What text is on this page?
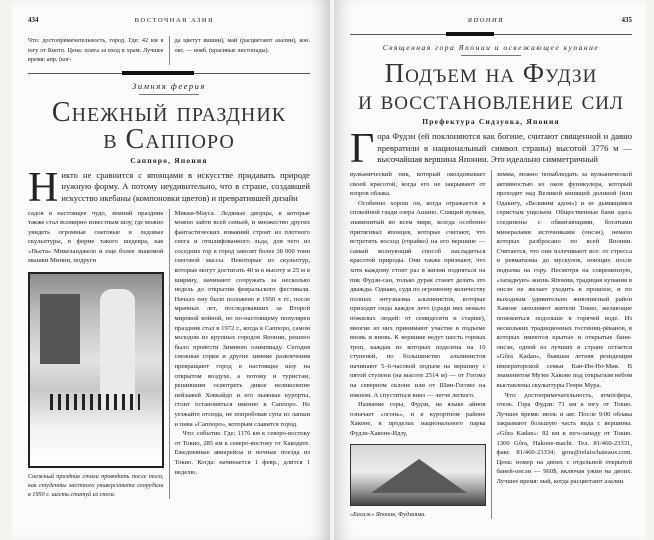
434	ВОСТОЧНАЯ АЗИЯ
Что: достопримечательность, город. Где: 42 км к югу от Киото. Цена: плата за вход в храм. Лучшее время: апр. (ког-
да цветут вишни), май (расцветают азалии), кон. окт. — нояб. (красивые листопады).
Зимняя феерия
Снежный праздник
в Саппоро
Саппоро, Япония
Никто не сравнится с японцами в искусстве придавать природе нужную форму. А потому неудивительно, что в стране, создавшей искусство икебаны (компоновки цветов) и превратившей дизайн

садов в настоящее чудо, зимний праздник также стал всемирно известным шоу, где можно увидеть огромные снеговые и ледовые скульптуры, в форме такого шедевра, как «Пьета» Микеланджело и еще более знакомой мышки Минни, подруги

Снежный праздник стали проводить после того, как студенты местного университета соорудили в 1950 г. шесть статуй из снега.

Микки-Мауса. Ледяные дворцы, в которые можно зайти всей семьей, и множество других фантастических изваяний строят из плотного снега и отшлифованного льда, для чего из соседних гор в город завозят более 38 000 тонн снеговой массы. Некоторые из скульптур, которые могут достигать 40 м в высоту и 25 м в ширину, начинают сооружать за несколько недель до открытия февральского фестиваля. Начало ему было положено в 1950 х гг., после мрачных лет, последовавших за Второй мировой войной, но по-настоящему популярен праздник стал в 1972 г., когда в Саппоро, самом молодом из крупных городов Японии, решено было провести Зимнюю олимпиаду. Сегодня снежные горки и другие зимние развлечения превращают город в настоящее шоу на открытом воздухе, а потому и туристам, решившим осмотреть дикое великолепие пейзажей Хоккайдо и его лыжные курорты, стоит остановиться именно в Саппоро. Не уезжайте отсюда, не попробовав супа из лапши и пива «Саппоро», которым славится город.

Что: событие. Где: 1176 км к северо-востоку от Токио, 285 км к северо-востоку от Хакодате. Ежедневные авиарейсы и ночные поезда из Токио. Когда: начинается 1 февр., длится 1 неделю.

ЯПОНИЯ	435
Священная гора Японии и освежающее купание
Подъем на Фудзи
и восстановление сил
Префектура Сидзуока, Япония
Гора Фудзи (ей поклоняются как богине, считают священной и давно превратили в национальный символ страны) высотой 3776 м — высочайшая вершина Японии. Это идеально симметричный

вулканический пик, который околдовывает своей красотой, когда его не закрывают от взоров облака.

Особенно хорош он, когда отражается в спокойной глади озера Ашино. Спящий вулкан, знаменитый во всем мире, всегда особенно притягивал японцев, которые считают, что встретить восход (горайко) на его вершине — самый волнующий способ насладиться красотой природы. Они также признают, что хотя каждому стоит раз в жизни подняться на пик Фудзи-сан, только дурак станет делать это дважды. Однако, судя по огромному количеству полных энтузиазма альпинистов, которые приходят сюда каждое лето (среди них немало пожилых людей: от семидесяти и старше), многие из них принимают участие в подъеме вновь и вновь. К вершине ведут шесть горных троп, каждая из которых поделена на 10 ступеней, но большинство альпинистов начинают 5–6-часовой подъем на вершину с пятой ступени (на высоте 2514 м) — от Гогомэ на северном склоне или от Шин-Гогомэ на южном. А спуститься вниз — легче легкого.

Название горы, Фудзи, на языке айнов означает «огонь», и в курортном районе Хаконе, в пределах национального парка Фудзи-Хаконе-Идзу,

«Багаж» Япония, Фудзияма.

зимма, можно понаблюдать за вулканической активностью из окон фуникулера, который проходит над Великой кипящей долиной (или Одакигу, «Великим адом») и ее дымящимся серистым ущельем. Общественные бани здесь соединены с обжигающими, богатыми минералами источниками (онсэн), немало которых разбросано по всей Японии. Считается, что они излечивают все: от стресса и ревматизма до мускулов, ноющих после подъема на гору. Несмотря на современную, «западную» жизнь Японии, традиция купания в онсэн не желает уходить в прошлое, и по выходным удивительно живописный район Хаконе заполняют жители Токио, желающие понежиться подольше в горячей воде. Из нескольких традиционных гостиниц-рёканов, в которых имеются крытые и открытые бани-онсэн, одной из лучших в стране остается «Gôra Kadan», бывшая летняя резиденция императорской семьи Кан-Ин-Но-Мия. В знаменитом Музее Хаконе под открытым небом выставлены скульптуры Генри Мура.

Что: достопримечательность, атмосфера, отель. Гора Фудзи: 71 км к югу от Токио. Лучшее время: июль и авг. После 9:00 облака закрывают большую часть вида с вершины. «Gôra Kadan»: 92 км к юго-западу от Токио. 1300 Gôra, Hakone-machi. Тел. 81/460-23331, факс 81/460-23334; gora@relaischateaux.com. Цена: номер на двоих с отдельной открытой баней-онсэн — 960$, включая ужин на двоих. Лучшее время: май, когда расцветают азалии.
